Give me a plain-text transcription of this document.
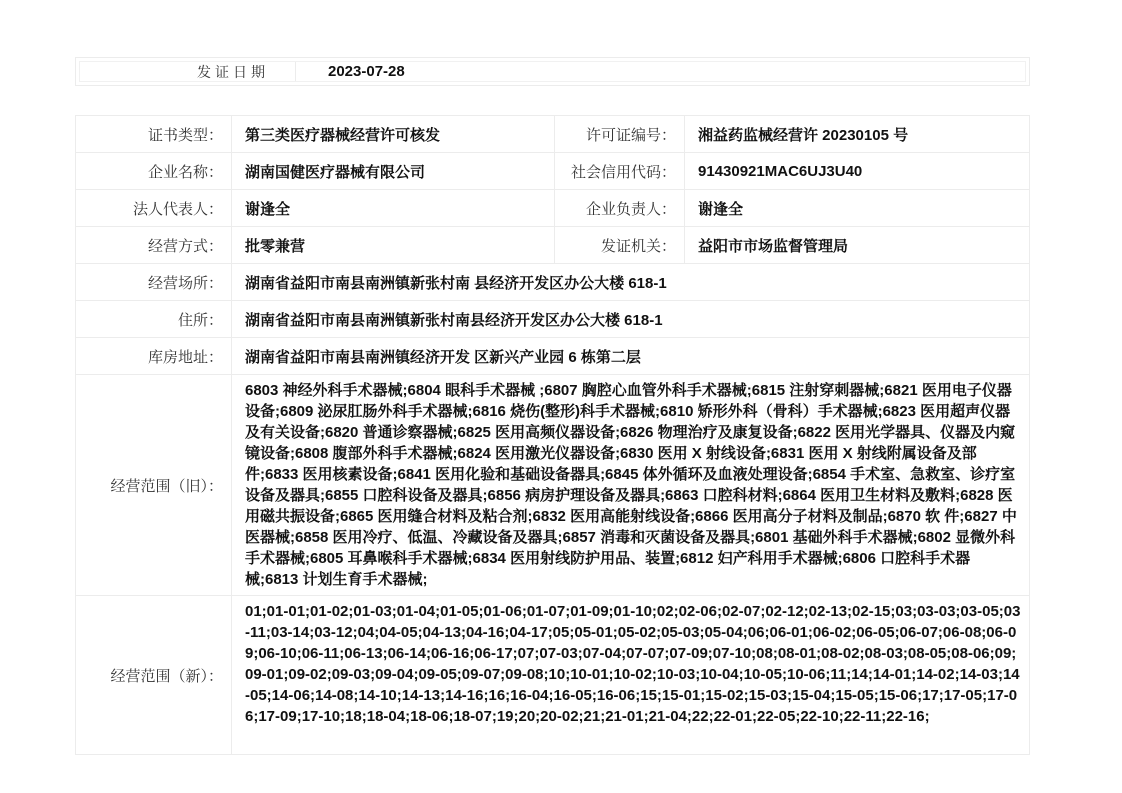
发证日期	2023-07-28
证书类型：	第三类医疗器械经营许可核发	许可证编号：	湘益药监械经营许 20230105 号
企业名称：	湖南国健医疗器械有限公司	社会信用代码：	91430921MAC6UJ3U40
法人代表人：	谢逢全	企业负责人：	谢逢全
经营方式：	批零兼营	发证机关：	益阳市市场监督管理局
经营场所：	湖南省益阳市南县南洲镇新张村南 县经济开发区办公大楼 618-1
住所：	湖南省益阳市南县南洲镇新张村南县经济开发区办公大楼 618-1
库房地址：	湖南省益阳市南县南洲镇经济开发 区新兴产业园 6 栋第二层
经营范围（旧）：
6803 神经外科手术器械;6804 眼科手术器械 ;6807 胸腔心血管外科手术器械;6815 注射穿刺器械;6821 医用电子仪器设备;6809 泌尿肛肠外科手术器械;6816 烧伤(整形)科手术器械;6810 矫形外科（骨科）手术器械;6823 医用超声仪器及有关设备;6820 普通诊察器械;6825 医用高频仪器设备;6826 物理治疗及康复设备;6822 医用光学器具、仪器及内窥镜设备;6808 腹部外科手术器械;6824 医用激光仪器设备;6830 医用 X 射线设备;6831 医用 X 射线附属设备及部件;6833 医用核素设备;6841 医用化验和基础设备器具;6845 体外循环及血液处理设备;6854 手术室、急救室、诊疗室设备及器具;6855 口腔科设备及器具;6856 病房护理设备及器具;6863 口腔科材料;6864 医用卫生材料及敷料;6828 医用磁共振设备;6865 医用缝合材料及粘合剂;6832 医用高能射线设备;6866 医用高分子材料及制品;6870 软 件;6827 中医器械;6858 医用冷疗、低温、冷藏设备及器具;6857 消毒和灭菌设备及器具;6801 基础外科手术器械;6802 显微外科手术器械;6805 耳鼻喉科手术器械;6834 医用射线防护用品、装置;6812 妇产科用手术器械;6806 口腔科手术器械;6813 计划生育手术器械;
经营范围（新）：
01;01-01;01-02;01-03;01-04;01-05;01-06;01-07;01-09;01-10;02;02-06;02-07;02-12;02-13;02-15;03;03-03;03-05;03-11;03-14;03-12;04;04-05;04-13;04-16;04-17;05;05-01;05-02;05-03;05-04;06;06-01;06-02;06-05;06-07;06-08;06-09;06-10;06-11;06-13;06-14;06-16;06-17;07;07-03;07-04;07-07;07-09;07-10;08;08-01;08-02;08-03;08-05;08-06;09;09-01;09-02;09-03;09-04;09-05;09-07;09-08;10;10-01;10-02;10-03;10-04;10-05;10-06;11;14;14-01;14-02;14-03;14-05;14-06;14-08;14-10;14-13;14-16;16;16-04;16-05;16-06;15;15-01;15-02;15-03;15-04;15-05;15-06;17;17-05;17-06;17-09;17-10;18;18-04;18-06;18-07;19;20;20-02;21;21-01;21-04;22;22-01;22-05;22-10;22-11;22-16;
